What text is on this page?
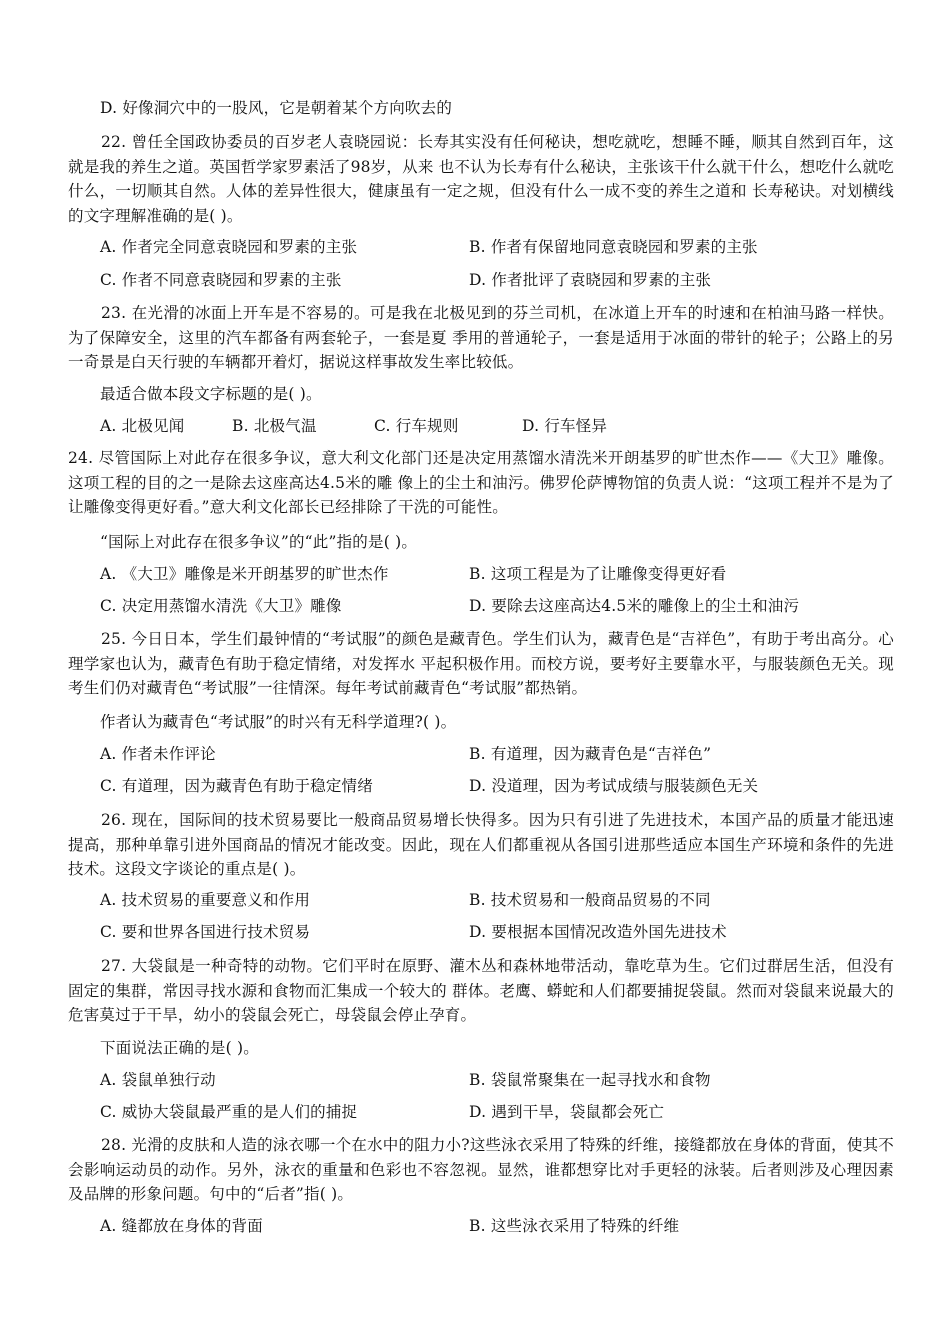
D. 好像洞穴中的一股风，它是朝着某个方向吹去的
22. 曾任全国政协委员的百岁老人袁晓园说：长寿其实没有任何秘诀，想吃就吃，想睡不睡，顺其自然到百年，这就是我的养生之道。英国哲学家罗素活了98岁，从来 也不认为长寿有什么秘诀，主张该干什么就干什么，想吃什么就吃什么，一切顺其自然。人体的差异性很大，健康虽有一定之规，但没有什么一成不变的养生之道和 长寿秘诀。对划横线的文字理解准确的是( )。
A. 作者完全同意袁晓园和罗素的主张	B. 作者有保留地同意袁晓园和罗素的主张
C. 作者不同意袁晓园和罗素的主张	D. 作者批评了袁晓园和罗素的主张
23. 在光滑的冰面上开车是不容易的。可是我在北极见到的芬兰司机，在冰道上开车的时速和在柏油马路一样快。为了保障安全，这里的汽车都备有两套轮子，一套是夏 季用的普通轮子，一套是适用于冰面的带针的轮子；公路上的另一奇景是白天行驶的车辆都开着灯，据说这样事故发生率比较低。
最适合做本段文字标题的是( )。
A. 北极见闻	B. 北极气温	C. 行车规则	D. 行车怪异
24. 尽管国际上对此存在很多争议，意大利文化部门还是决定用蒸馏水清洗米开朗基罗的旷世杰作——《大卫》雕像。这项工程的目的之一是除去这座高达4.5米的雕 像上的尘土和油污。佛罗伦萨博物馆的负责人说：“这项工程并不是为了让雕像变得更好看。”意大利文化部长已经排除了干洗的可能性。
“国际上对此存在很多争议”的“此”指的是( )。
A. 《大卫》雕像是米开朗基罗的旷世杰作	B. 这项工程是为了让雕像变得更好看
C. 决定用蒸馏水清洗《大卫》雕像	D. 要除去这座高达4.5米的雕像上的尘土和油污
25. 今日日本，学生们最钟情的“考试服”的颜色是藏青色。学生们认为，藏青色是“吉祥色”，有助于考出高分。心理学家也认为，藏青色有助于稳定情绪，对发挥水 平起积极作用。而校方说，要考好主要靠水平，与服装颜色无关。现考生们仍对藏青色“考试服”一往情深。每年考试前藏青色“考试服”都热销。
作者认为藏青色“考试服”的时兴有无科学道理?( )。
A. 作者未作评论	B. 有道理，因为藏青色是“吉祥色”
C. 有道理，因为藏青色有助于稳定情绪	D. 没道理，因为考试成绩与服装颜色无关
26. 现在，国际间的技术贸易要比一般商品贸易增长快得多。因为只有引进了先进技术，本国产品的质量才能迅速提高，那种单靠引进外国商品的情况才能改变。因此，现在人们都重视从各国引进那些适应本国生产环境和条件的先进技术。这段文字谈论的重点是( )。
A. 技术贸易的重要意义和作用	B. 技术贸易和一般商品贸易的不同
C. 要和世界各国进行技术贸易	D. 要根据本国情况改造外国先进技术
27. 大袋鼠是一种奇特的动物。它们平时在原野、灌木丛和森林地带活动，靠吃草为生。它们过群居生活，但没有固定的集群，常因寻找水源和食物而汇集成一个较大的 群体。老鹰、蟒蛇和人们都要捕捉袋鼠。然而对袋鼠来说最大的危害莫过于干旱，幼小的袋鼠会死亡，母袋鼠会停止孕育。
下面说法正确的是( )。
A. 袋鼠单独行动	B. 袋鼠常聚集在一起寻找水和食物
C. 威协大袋鼠最严重的是人们的捕捉	D. 遇到干旱，袋鼠都会死亡
28. 光滑的皮肤和人造的泳衣哪一个在水中的阻力小?这些泳衣采用了特殊的纤维，接缝都放在身体的背面，使其不会影响运动员的动作。另外，泳衣的重量和色彩也不容忽视。显然，谁都想穿比对手更轻的泳装。后者则涉及心理因素及品牌的形象问题。句中的“后者”指( )。
A. 缝都放在身体的背面	B. 这些泳衣采用了特殊的纤维
